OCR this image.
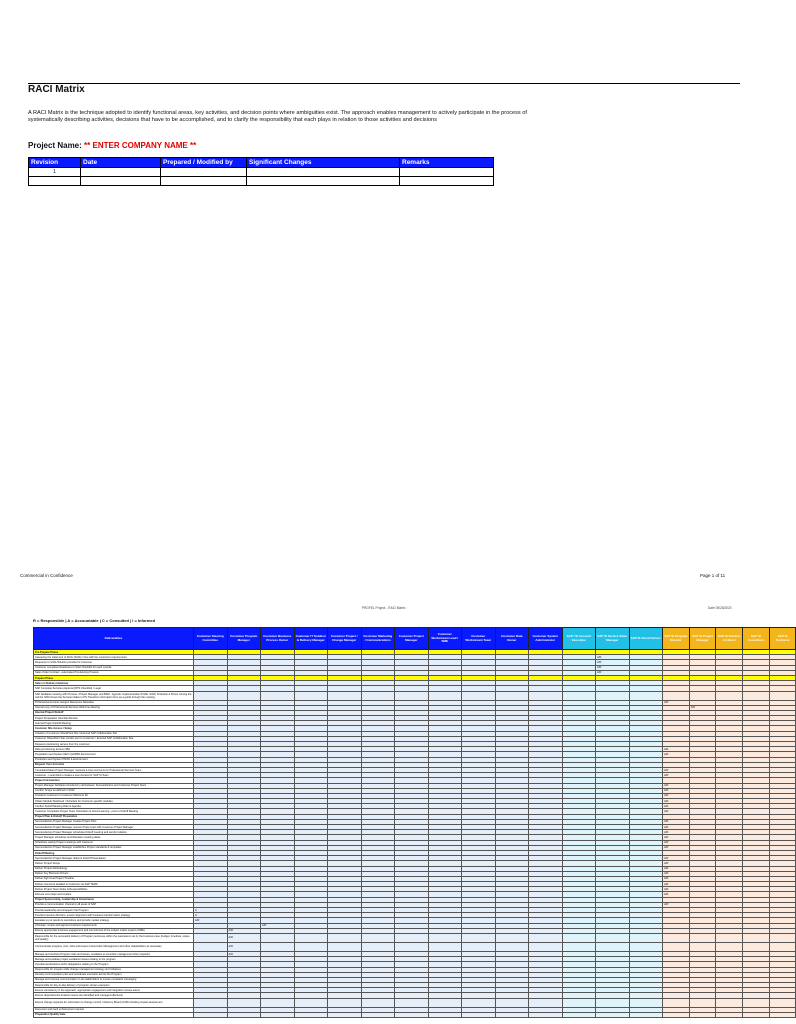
RACI Matrix
A RACI Matrix is the technique adopted to identify functional areas, key activities, and decision points where ambiguities exist. The approach enables management to actively participate in the process of systematically describing activities, decisions that have to be accomplished, and to clarify the responsibility that each plays in relation to those activities and decisions
Project Name: ** ENTER COMPANY NAME **
Revision	Date	Prepared / Modified by	Significant Changes	Remarks
1				

Commercial in Confidence	Page 1 of 11
PROFEL Project - RACI Matrix	Date 05/28/2020
R = Responsible | A = Accountable | C = Consulted | I = Informed
Deliverables	Customer Steering Committee	Customer Program Manager	Customer Business Process Owner	Customer IT Solution & Delivery Manager	Customer Project / Change Manager	Customer Marketing / Communications	Customer Project Manager	Customer Workstream Lead / SME	Customer Workstream Team	Customer Data Owner	Customer System Administrator	SAP / SI Account Executive	SAP SI Service Sales Manager	SAP SI Client Partner	SAP SI Program Director	SAP SI Project Manager	SAP SI Solution Architect	SAP SI Consultant	SAP SI Technical
Pre-Prepare Phase																			
Assessing the statement of Work (SoW) in line with the customers requirements													A/R						
Response to SoW /Solution provided to Customer													A/R						
Customer completes Readiness to Start Checklist for each module													A/R						
Sales Order Contract - automates Provisioning Process													A/R						
Prepare Phase																			
Sales to Delivery Handover																			
SAP Complete Services Approval (RTS Checklist) / Legal																			
SAP facilitates meeting with Process / Project Manager and BSM - Agenda: Implementation Profile, SOW, Schedule & Prices. During the call the SAM shows the Services Sales to PS Transition information form as a guide through the meeting																			
Professional services assigns Resources Allocation															A/R				
Internal copy of Professional Services Welcome Meeting																A/R			
Internal Project Kickoff																			
Project Preparation Checklist Review																			
Internal Project Kickoff Meeting																			
Customer Site Access / Setup																			
Creation of Customer SharePoint Site / External SAP Collaboration Site																			
Customer SharePoint Site contact sent to Customer / External SAP Collaboration Site																			
Request provisioning access from the customer																			
Data provisioning access OBA															A/R				
Preparation and System DEV/ QA/PRD Environment															A/R				
Production and System PROD & Environment																			
Request User Accounts																			
Consultant/Sales Project Manager requests & User Accounts for Professional Services Team															A/R				
Customer - Local Admin creates a user Access for SAP SI Team															A/R				
Project Introduction																			
Project Manager facilitates introductory call between Successfactors and Customer Project Team															A/R				
Confirm Scope as defined in SOW															A/R				
Introduce Customer to Customer Welcome Kit															A/R				
Obtain Module Workbook / Schedule for Customer specific modules															A/R				
Confirm Kickoff Meeting Date & Agenda															A/R				
Customer Completes Project Team Orientation & Cloud Learning - prior to Kickoff Meeting															A/R				
Project Plan & Kickoff Preparation																			
Successfactors Project Manager creates Project Plan															A/R				
Successfactors Project Manager reviews Project plan with Customer Project Manager															A/R				
Successfactors Project Manager schedules Kickoff meeting and sends invitation															A/R				
Project Manager schedules sprint/iteration meeting dates															A/R				
Schedules weekly Project meetings with Customer															A/R				
Successfactors Project Manager establishes Project standards & templates															A/R				
Kickoff Meeting																			
Successfactors Project Manager delivers Kickoff Presentation															A/R				
Deliver Project Scope															A/R				
Deliver Project Methodology															A/R				
Deliver Key Business Drivers															A/R				
Deliver high level Project Timeline															A/R				
Deliver resources detailed to Customer via SAP TEMS															A/R				
Deliver Project Team Roles & Responsibilities															A/R				
Discuss next steps and timeline															A/R				
Project Sponsorship, Leadership & Governance																			
Provide a communication channel to all areas of SAP															A/R				
Provide leadership and champion the Program	A																		
Provide business direction, ensure alignment with business transformation strategy	A																		
Escalate to put results & resolutions and provide market strategy	A/R																		
Articulate, review and approve business requirements			A/R																
Ensure appropriate business engagement and commitment of the subject matter experts (SME)		A/R																	
Responsible for the successful delivery of Program outcomes within the parameters set by the business case (budget, timelines, scope and quality)		A/R																	
Communicate progress, cost, risks and issues to Executive Management and other stakeholders as necessary		A/R																	
Manage and resolves Program risks and issues, escalates to executive management when required		A/R																	
Manage and escalate project escalation issues relating to the program																			
Operational decisions within delegations relating to the Program																			
Responsible for program wide change management strategy and initiatives																			
Develop communication plan and coordinate execution across the Program																			
Manage and oversee communication to all stakeholders to ensure consistent messaging																			
Responsible for day-to-day delivery of program stream execution																			
Ensure consistency in the approach, appropriate engagement and integration across teams																			
Ensure dependencies between teams are identified and managed effectively																			
Ensure change requests for submission to change control / Advisory Board (CAB) including impact assessment																			
Document and track enhancement request																			
Preparation Quality Gate																			
